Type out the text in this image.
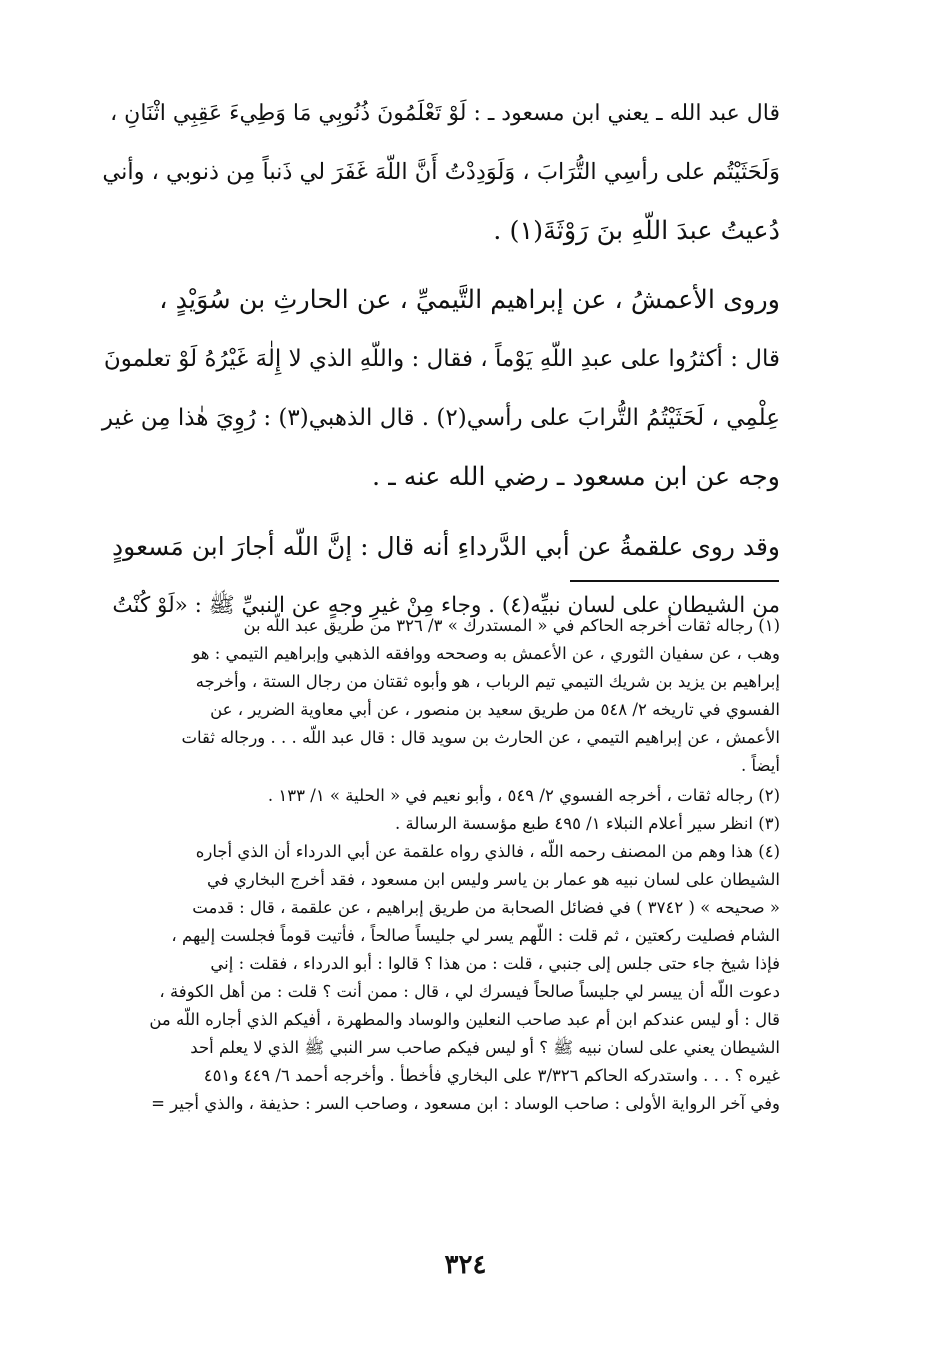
قال عبد الله ـ يعني ابن مسعود ـ : لَوْ تَعْلَمُونَ ذُنُوبِي مَا وَطِيءَ عَقِبِي اثْنَانِ ،
وَلَحَثَيْتُم على رأسِي التُّرَابَ ، وَلَوَدِدْتُ أَنَّ اللّهَ غَفَرَ لي ذَنباً مِن ذنوبي ، وأني
دُعيتُ عبدَ اللّهِ بنَ رَوْثَةَ(١) .
وروى الأعمشُ ، عن إبراهيم التَّيميِّ ، عن الحارثِ بن سُوَيْدٍ ،
قال : أكثرُوا على عبدِ اللّهِ يَوْماً ، فقال : واللّهِ الذي لا إِلٰهَ غَيْرُهُ لَوْ تعلمونَ
عِلْمِي ، لَحَثَيْتُمُ التُّرابَ على رأسي(٢) . قال الذهبي(٣) : رُوِيَ هٰذا مِن غير
وجه عن ابن مسعود ـ رضي الله عنه ـ .
وقد روى علقمةُ عن أبي الدَّرداءِ أنه قال : إنَّ اللّه أجارَ ابن مَسعودٍ
من الشيطان على لسان نبيِّه(٤) . وجاء مِنْ غيرِ وجهٍ عن النبيِّ ﷺ : «لَوْ كُنْتُ
(١) رجاله ثقات أخرجه الحاكم في « المستدرك » ٣/ ٣٢٦ من طريق عبد اللّه بن
وهب ، عن سفيان الثوري ، عن الأعمش به وصححه ووافقه الذهبي وإبراهيم التيمي : هو
إبراهيم بن يزيد بن شريك التيمي تيم الرباب ، هو وأبوه ثقتان من رجال الستة ، وأخرجه
الفسوي في تاريخه ٢/ ٥٤٨ من طريق سعيد بن منصور ، عن أبي معاوية الضرير ، عن
الأعمش ، عن إبراهيم التيمي ، عن الحارث بن سويد قال : قال عبد اللّه . . . ورجاله ثقات
أيضاً .
(٢) رجاله ثقات ، أخرجه الفسوي ٢/ ٥٤٩ ، وأبو نعيم في « الحلية » ١/ ١٣٣ .
(٣) انظر سير أعلام النبلاء ١/ ٤٩٥ طبع مؤسسة الرسالة .
(٤) هذا وهم من المصنف رحمه اللّه ، فالذي رواه علقمة عن أبي الدرداء أن الذي أجاره
الشيطان على لسان نبيه هو عمار بن ياسر وليس ابن مسعود ، فقد أخرج البخاري في
« صحيحه » ( ٣٧٤٢ ) في فضائل الصحابة من طريق إبراهيم ، عن علقمة ، قال : قدمت
الشام فصليت ركعتين ، ثم قلت : اللّهم يسر لي جليساً صالحاً ، فأتيت قوماً فجلست إليهم ،
فإذا شيخ جاء حتى جلس إلى جنبي ، قلت : من هذا ؟ قالوا : أبو الدرداء ، فقلت : إني
دعوت اللّه أن ييسر لي جليساً صالحاً فيسرك لي ، قال : ممن أنت ؟ قلت : من أهل الكوفة ،
قال : أو ليس عندكم ابن أم عبد صاحب النعلين والوساد والمطهرة ، أفيكم الذي أجاره اللّه من
الشيطان يعني على لسان نبيه ﷺ ؟ أو ليس فيكم صاحب سر النبي ﷺ الذي لا يعلم أحد
غيره ؟ . . . واستدركه الحاكم ٣/٣٢٦ على البخاري فأخطأ . وأخرجه أحمد ٦/ ٤٤٩ و٤٥١
وفي آخر الرواية الأولى : صاحب الوساد : ابن مسعود ، وصاحب السر : حذيفة ، والذي أجير =
٣٢٤
